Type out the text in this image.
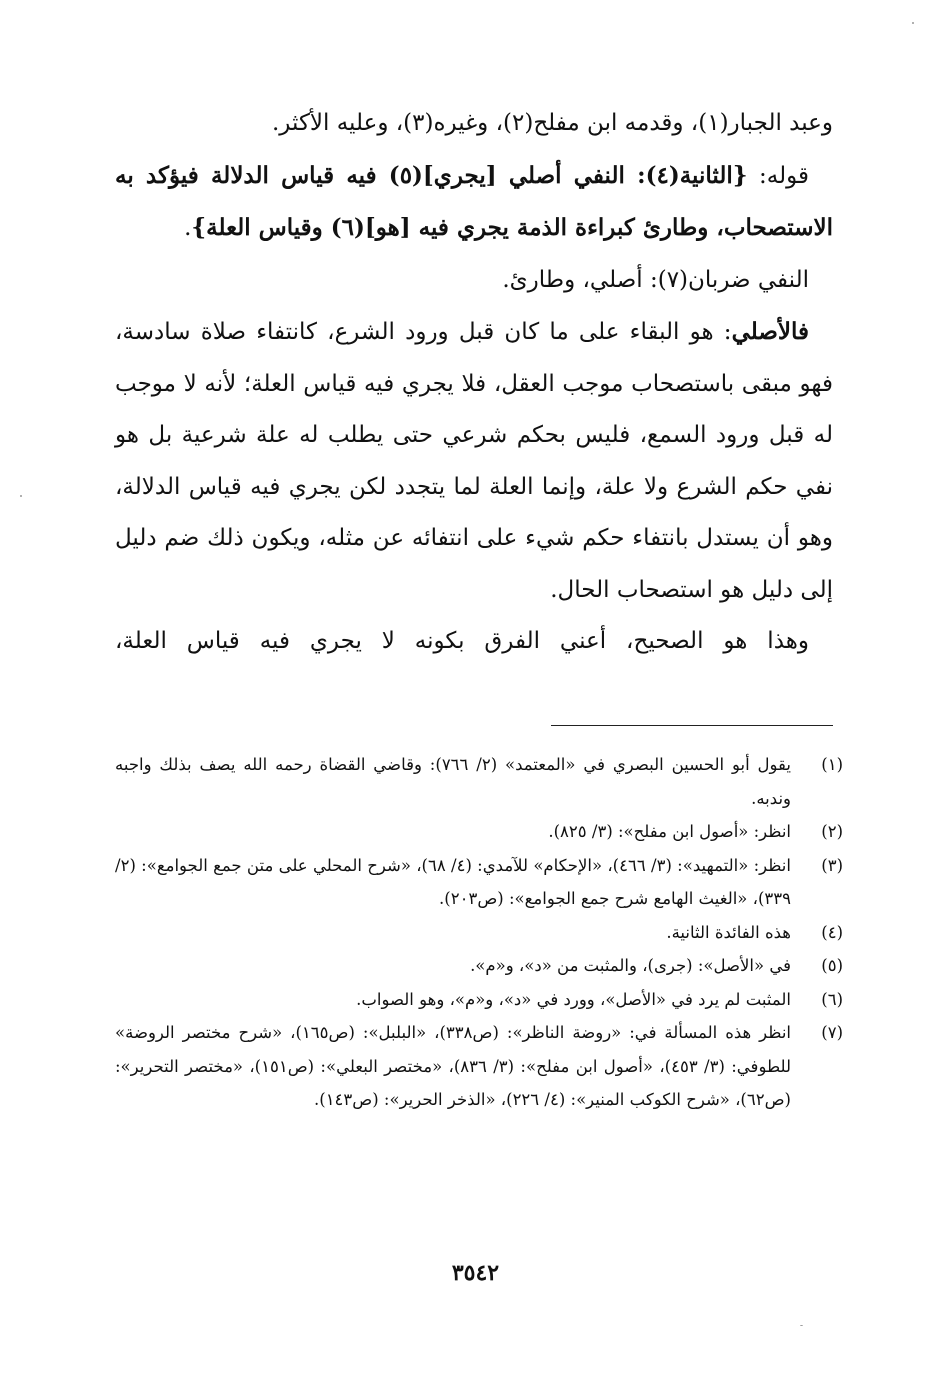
وعبد الجبار(١)، وقدمه ابن مفلح(٢)، وغيره(٣)، وعليه الأكثر.

قوله: {الثانية(٤): النفي أصلي [يجري](٥) فيه قياس الدلالة فيؤكد به الاستصحاب، وطارئ كبراءة الذمة يجري فيه [هو](٦) وقياس العلة}.

النفي ضربان(٧): أصلي، وطارئ.

فالأصلي: هو البقاء على ما كان قبل ورود الشرع، كانتفاء صلاة سادسة، فهو مبقى باستصحاب موجب العقل، فلا يجري فيه قياس العلة؛ لأنه لا موجب له قبل ورود السمع، فليس بحكم شرعي حتى يطلب له علة شرعية بل هو نفي حكم الشرع ولا علة، وإنما العلة لما يتجدد لكن يجري فيه قياس الدلالة، وهو أن يستدل بانتفاء حكم شيء على انتفائه عن مثله، ويكون ذلك ضم دليل إلى دليل هو استصحاب الحال.

وهذا هو الصحيح، أعني الفرق بكونه لا يجري فيه قياس العلة،

(١)
يقول أبو الحسين البصري في «المعتمد» (٢/ ٧٦٦): وقاضي القضاة رحمه الله يصف بذلك واجبه وندبه.
(٢)
انظر: «أصول ابن مفلح»: (٣/ ٨٢٥).
(٣)
انظر: «التمهيد»: (٣/ ٤٦٦)، «الإحكام» للآمدي: (٤/ ٦٨)، «شرح المحلي على متن جمع الجوامع»: (٢/ ٣٣٩)، «الغيث الهامع شرح جمع الجوامع»: (ص٢٠٣).
(٤)
هذه الفائدة الثانية.
(٥)
في «الأصل»: (جرى)، والمثبت من «د»، و«م».
(٦)
المثبت لم يرد في «الأصل»، وورد في «د»، و«م»، وهو الصواب.
(٧)
انظر هذه المسألة في: «روضة الناظر»: (ص٣٣٨)، «البلبل»: (ص١٦٥)، «شرح مختصر الروضة» للطوفي: (٣/ ٤٥٣)، «أصول ابن مفلح»: (٣/ ٨٣٦)، «مختصر البعلي»: (ص١٥١)، «مختصر التحرير»: (ص٦٢)، «شرح الكوكب المنير»: (٤/ ٢٢٦)، «الذخر الحرير»: (ص١٤٣).
٣٥٤٢
